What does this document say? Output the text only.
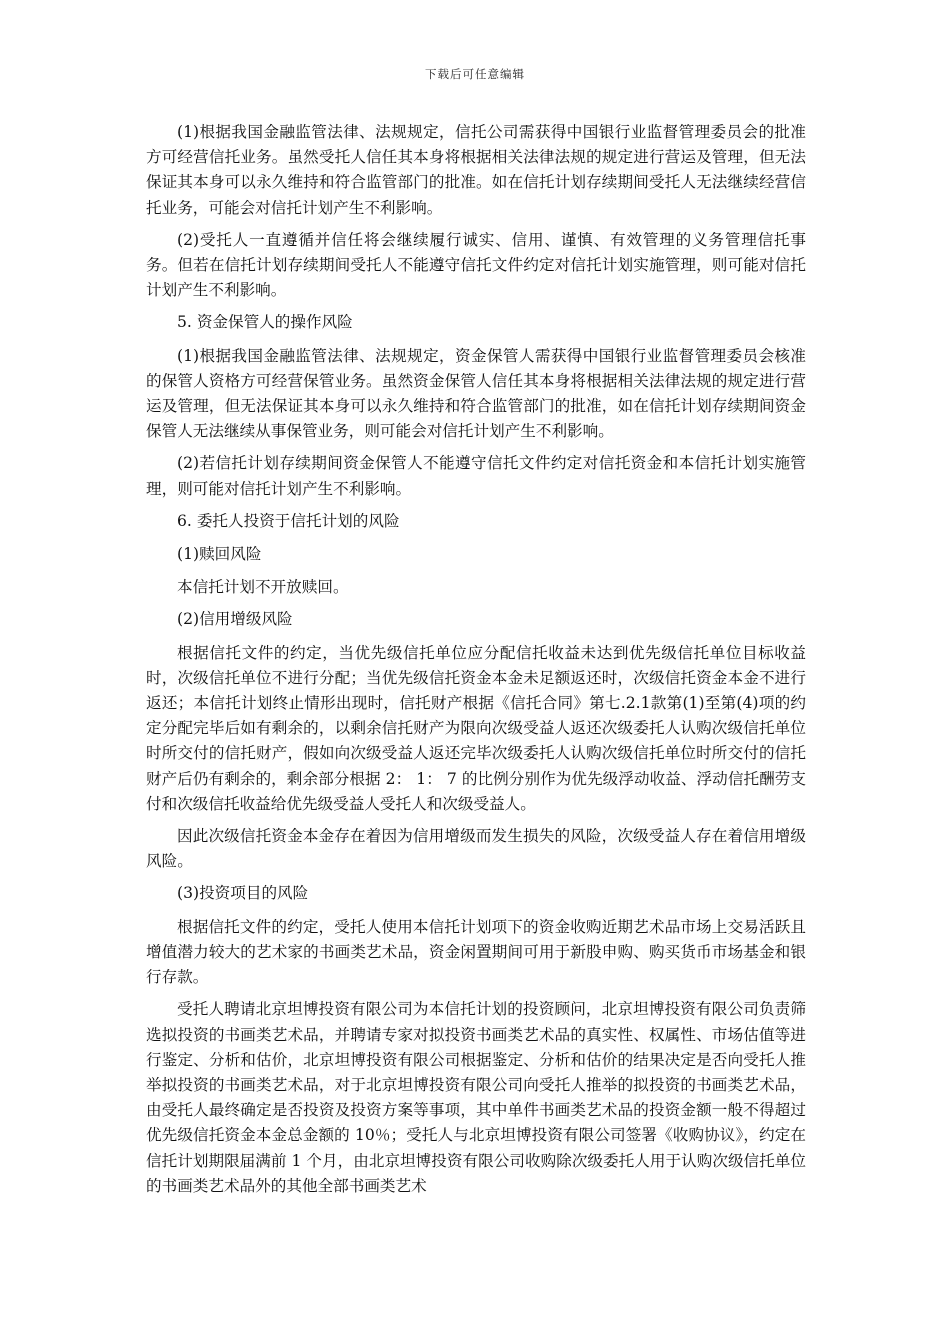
下载后可任意编辑

(1)根据我国金融监管法律、法规规定，信托公司需获得中国银行业监督管理委员会的批准方可经营信托业务。虽然受托人信任其本身将根据相关法律法规的规定进行营运及管理，但无法保证其本身可以永久维持和符合监管部门的批准。如在信托计划存续期间受托人无法继续经营信托业务，可能会对信托计划产生不利影响。

(2)受托人一直遵循并信任将会继续履行诚实、信用、谨慎、有效管理的义务管理信托事务。但若在信托计划存续期间受托人不能遵守信托文件约定对信托计划实施管理，则可能对信托计划产生不利影响。

5. 资金保管人的操作风险

(1)根据我国金融监管法律、法规规定，资金保管人需获得中国银行业监督管理委员会核准的保管人资格方可经营保管业务。虽然资金保管人信任其本身将根据相关法律法规的规定进行营运及管理，但无法保证其本身可以永久维持和符合监管部门的批准，如在信托计划存续期间资金保管人无法继续从事保管业务，则可能会对信托计划产生不利影响。

(2)若信托计划存续期间资金保管人不能遵守信托文件约定对信托资金和本信托计划实施管理，则可能对信托计划产生不利影响。

6. 委托人投资于信托计划的风险

(1)赎回风险

本信托计划不开放赎回。

(2)信用增级风险

根据信托文件的约定，当优先级信托单位应分配信托收益未达到优先级信托单位目标收益时，次级信托单位不进行分配；当优先级信托资金本金未足额返还时，次级信托资金本金不进行返还；本信托计划终止情形出现时，信托财产根据《信托合同》第七.2.1款第(1)至第(4)项的约定分配完毕后如有剩余的，以剩余信托财产为限向次级受益人返还次级委托人认购次级信托单位时所交付的信托财产，假如向次级受益人返还完毕次级委托人认购次级信托单位时所交付的信托财产后仍有剩余的，剩余部分根据 2： 1： 7 的比例分别作为优先级浮动收益、浮动信托酬劳支付和次级信托收益给优先级受益人受托人和次级受益人。

因此次级信托资金本金存在着因为信用增级而发生损失的风险，次级受益人存在着信用增级风险。

(3)投资项目的风险

根据信托文件的约定，受托人使用本信托计划项下的资金收购近期艺术品市场上交易活跃且增值潜力较大的艺术家的书画类艺术品，资金闲置期间可用于新股申购、购买货币市场基金和银行存款。

受托人聘请北京坦博投资有限公司为本信托计划的投资顾问，北京坦博投资有限公司负责筛选拟投资的书画类艺术品，并聘请专家对拟投资书画类艺术品的真实性、权属性、市场估值等进行鉴定、分析和估价，北京坦博投资有限公司根据鉴定、分析和估价的结果决定是否向受托人推举拟投资的书画类艺术品，对于北京坦博投资有限公司向受托人推举的拟投资的书画类艺术品，由受托人最终确定是否投资及投资方案等事项，其中单件书画类艺术品的投资金额一般不得超过优先级信托资金本金总金额的 10％；受托人与北京坦博投资有限公司签署《收购协议》，约定在信托计划期限届满前 1 个月，由北京坦博投资有限公司收购除次级委托人用于认购次级信托单位的书画类艺术品外的其他全部书画类艺术
